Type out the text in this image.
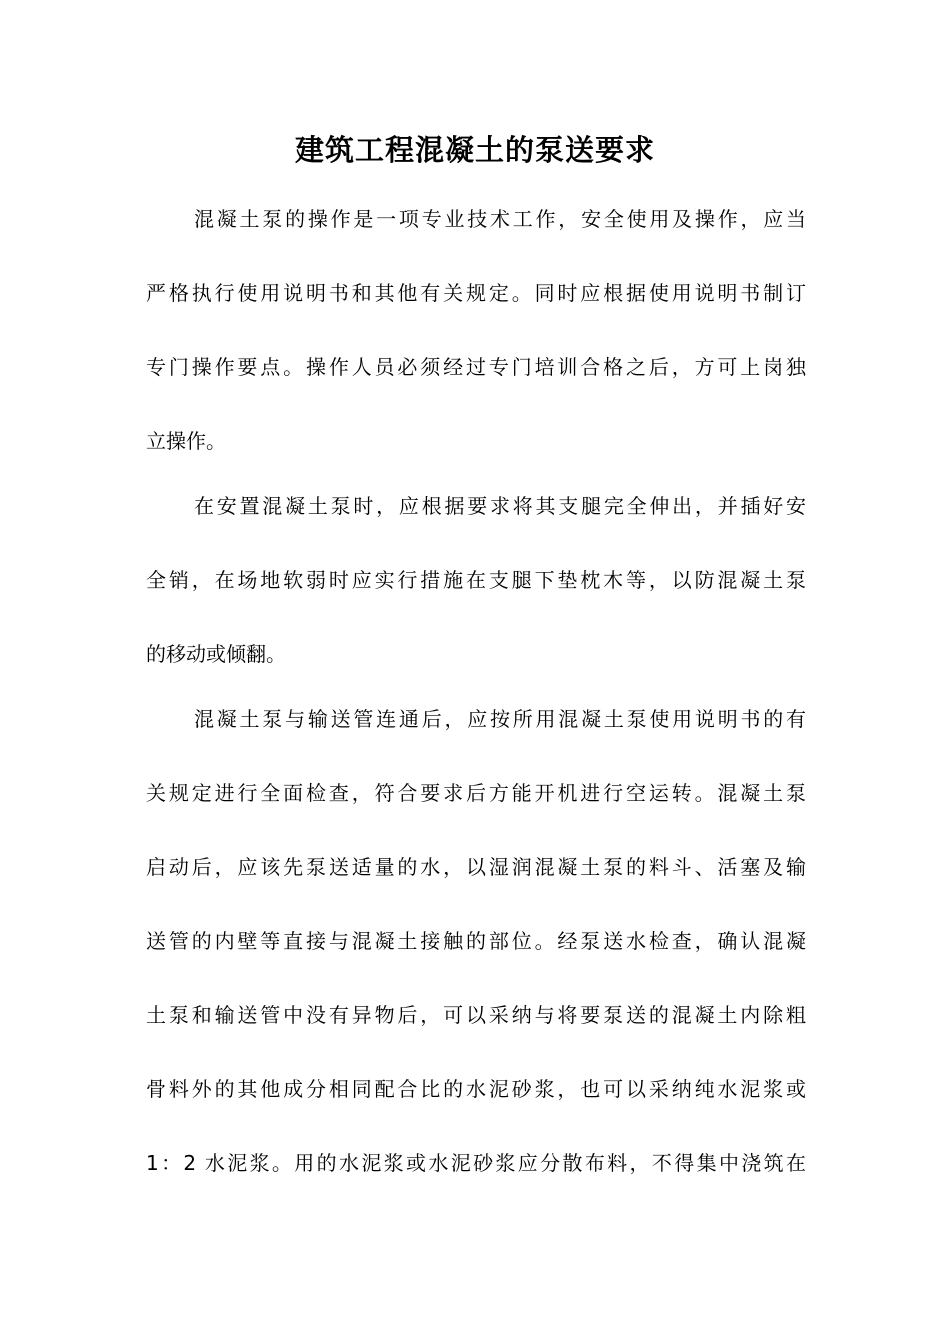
建筑工程混凝土的泵送要求
混凝土泵的操作是一项专业技术工作，安全使用及操作，应当
严格执行使用说明书和其他有关规定。同时应根据使用说明书制订
专门操作要点。操作人员必须经过专门培训合格之后，方可上岗独
立操作。
在安置混凝土泵时，应根据要求将其支腿完全伸出，并插好安
全销，在场地软弱时应实行措施在支腿下垫枕木等，以防混凝土泵
的移动或倾翻。
混凝土泵与输送管连通后，应按所用混凝土泵使用说明书的有
关规定进行全面检查，符合要求后方能开机进行空运转。混凝土泵
启动后，应该先泵送适量的水，以湿润混凝土泵的料斗、活塞及输
送管的内壁等直接与混凝土接触的部位。经泵送水检查，确认混凝
土泵和输送管中没有异物后，可以采纳与将要泵送的混凝土内除粗
骨料外的其他成分相同配合比的水泥砂浆，也可以采纳纯水泥浆或
1：2 水泥浆。用的水泥浆或水泥砂浆应分散布料，不得集中浇筑在
